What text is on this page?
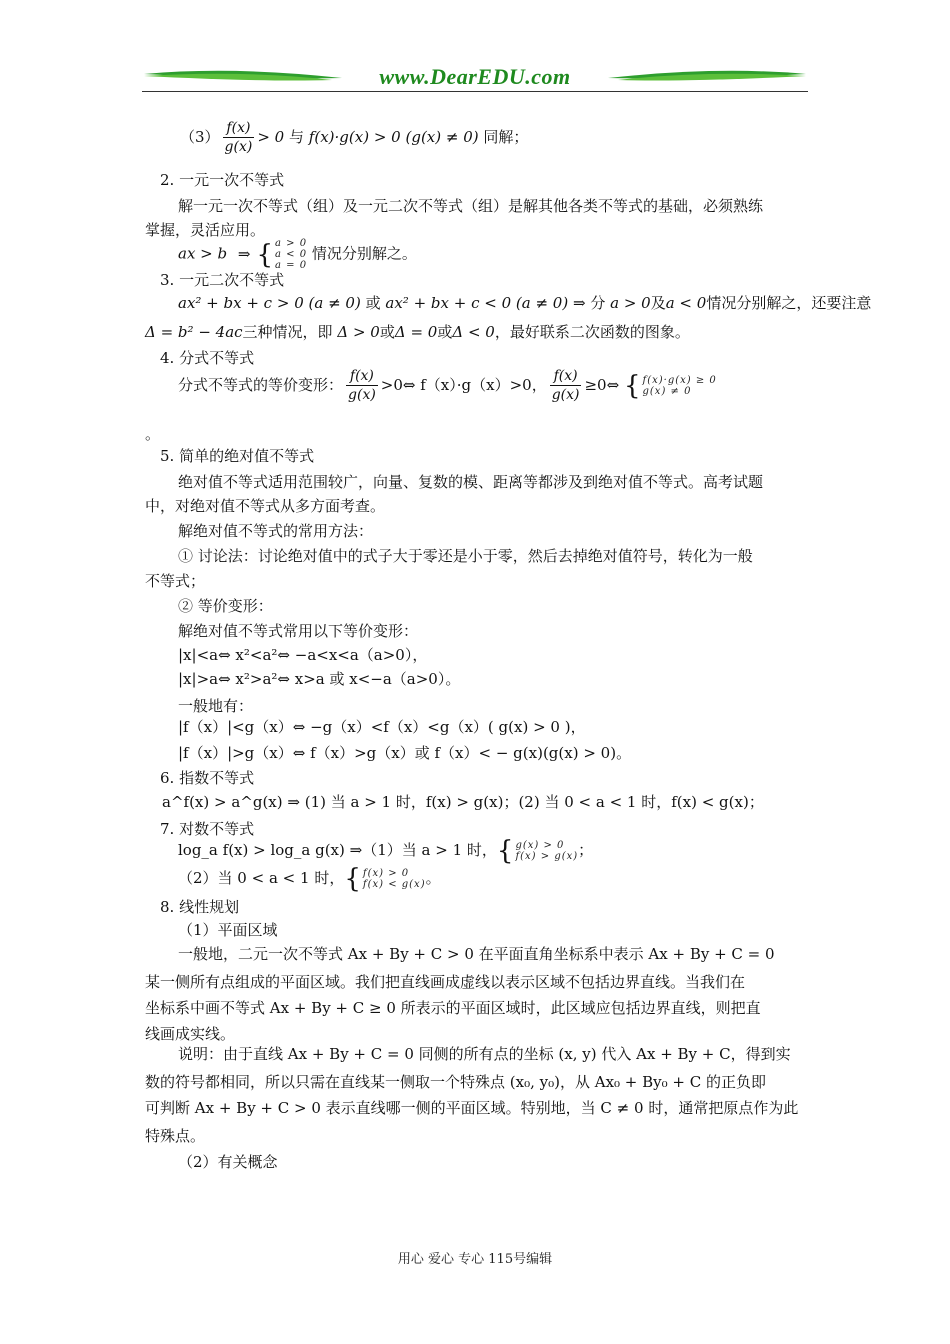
www.DearEDU.com
$(3) \frac{f(x)}{g(x)} > 0$ 与 f(x)·g(x) > 0 (g(x) ≠ 0) 同解；
2. 一元一次不等式
解一元一次不等式（组）及一元二次不等式（组）是解其他各类不等式的基础，必须熟练
掌握，灵活应用。
ax > b ⇒ { a > 0
a < 0
a = 0
情况分别解之。
3. 一元二次不等式
ax² + bx + c > 0 (a ≠ 0) 或 ax² + bx + c < 0 (a ≠ 0) ⇒ 分 a > 0及a < 0情况分别解之，还要注意
Δ = b² − 4ac三种情况，即 Δ > 0或Δ = 0或Δ < 0，最好联系二次函数的图象。
4. 分式不等式
分式不等式的等价变形： $\frac{f(x)}{g(x)}$ >0⇔ f（x）·g（x）>0， $\frac{f(x)}{g(x)}$ ≥0⇔ { f(x)·g(x) ≥ 0
g(x) ≠ 0
。
5. 简单的绝对值不等式
绝对值不等式适用范围较广，向量、复数的模、距离等都涉及到绝对值不等式。高考试题
中，对绝对值不等式从多方面考查。
解绝对值不等式的常用方法：
① 讨论法：讨论绝对值中的式子大于零还是小于零，然后去掉绝对值符号，转化为一般
不等式；
② 等价变形：
解绝对值不等式常用以下等价变形：
|x|<a⇔ x²<a²⇔ −a<x<a（a>0），
|x|>a⇔ x²>a²⇔ x>a 或 x<−a（a>0）。
一般地有：
|f（x）|<g（x）⇔ −g（x）<f（x）<g（x）( g(x) > 0 )，
|f（x）|>g（x）⇔ f（x）>g（x）或 f（x）< − g(x)(g(x) > 0)。
6. 指数不等式
a^f(x) > a^g(x) ⇒ (1) 当 a > 1 时，f(x) > g(x)；(2) 当 0 < a < 1 时，f(x) < g(x)；
7. 对数不等式
log_a f(x) > log_a g(x) ⇒（1）当 a > 1 时，{ g(x) > 0
f(x) > g(x) ；
（2）当 0 < a < 1 时，{ f(x) > 0
f(x) < g(x) 。
8. 线性规划
（1）平面区域
一般地，二元一次不等式 Ax + By + C > 0 在平面直角坐标系中表示 Ax + By + C = 0
某一侧所有点组成的平面区域。我们把直线画成虚线以表示区域不包括边界直线。当我们在
坐标系中画不等式 Ax + By + C ≥ 0 所表示的平面区域时，此区域应包括边界直线，则把直
线画成实线。
说明：由于直线 Ax + By + C = 0 同侧的所有点的坐标 (x, y) 代入 Ax + By + C，得到实
数的符号都相同，所以只需在直线某一侧取一个特殊点 (x₀, y₀)，从 Ax₀ + By₀ + C 的正负即
可判断 Ax + By + C > 0 表示直线哪一侧的平面区域。特别地，当 C ≠ 0 时，通常把原点作为此
特殊点。
（2）有关概念
用心 爱心 专心 115号编辑
